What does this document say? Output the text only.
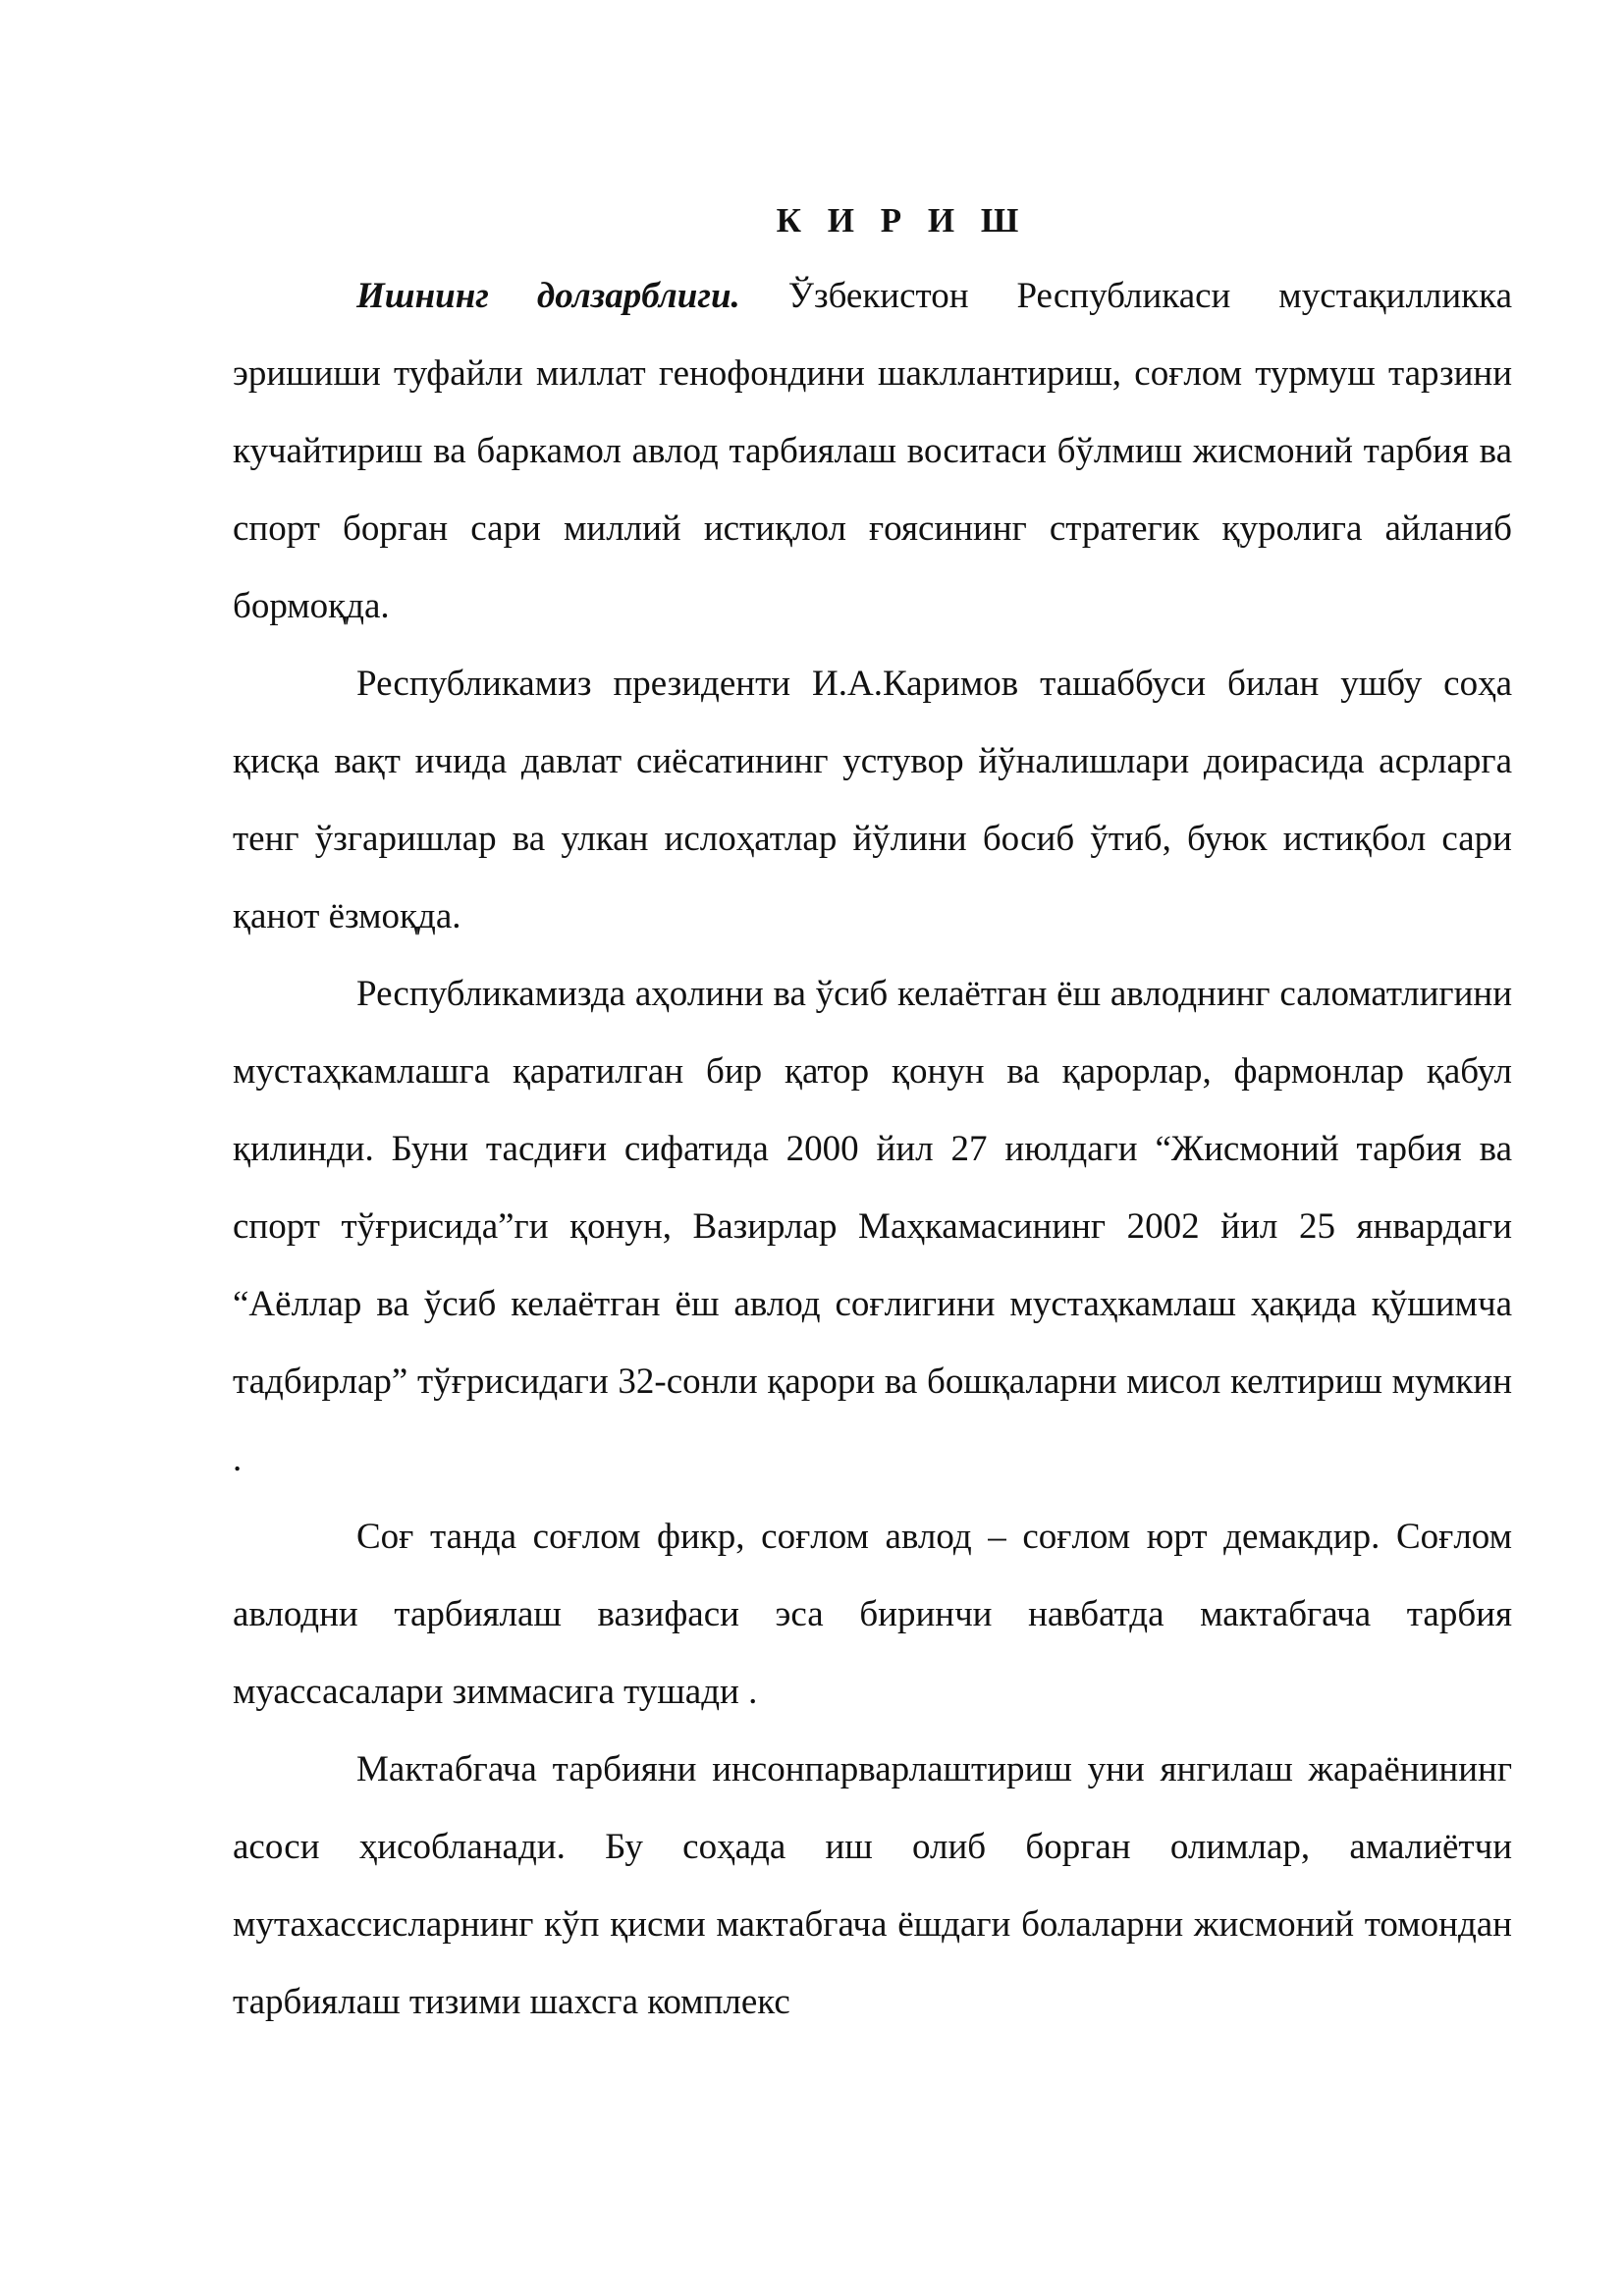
К И Р И Ш

Ишнинг долзарблиги. Ўзбекистон Республикаси мустақилликка эришиши туфайли миллат генофондини шакллантириш, соғлом турмуш тарзини кучайтириш ва баркамол авлод тарбиялаш воситаси бўлмиш жисмоний тарбия ва спорт борган сари миллий истиқлол ғоясининг стратегик қуролига айланиб бормоқда.

Республикамиз президенти И.А.Каримов ташаббуси билан ушбу соҳа қисқа вақт ичида давлат сиёсатининг устувор йўналишлари доирасида асрларга тенг ўзгаришлар ва улкан ислоҳатлар йўлини босиб ўтиб, буюк истиқбол сари қанот ёзмоқда.

Республикамизда аҳолини ва ўсиб келаётган ёш авлоднинг саломатлигини мустаҳкамлашга қаратилган бир қатор қонун ва қарорлар, фармонлар қабул қилинди. Буни тасдиғи сифатида 2000 йил 27 июлдаги “Жисмоний тарбия ва спорт тўғрисида”ги қонун, Вазирлар Маҳкамасининг 2002 йил 25 январдаги “Аёллар ва ўсиб келаётган ёш авлод соғлигини мустаҳкамлаш ҳақида қўшимча тадбирлар” тўғрисидаги 32-сонли қарори ва бошқаларни мисол келтириш мумкин .

Соғ танда соғлом фикр, соғлом авлод – соғлом юрт демакдир. Соғлом авлодни тарбиялаш вазифаси эса биринчи навбатда мактабгача тарбия муассасалари зиммасига тушади .

Мактабгача тарбияни инсонпарварлаштириш уни янгилаш жараёнининг асоси ҳисобланади. Бу соҳада иш олиб борган олимлар, амалиётчи мутахассисларнинг кўп қисми мактабгача ёшдаги болаларни жисмоний томондан тарбиялаш тизими шахсга комплекс
